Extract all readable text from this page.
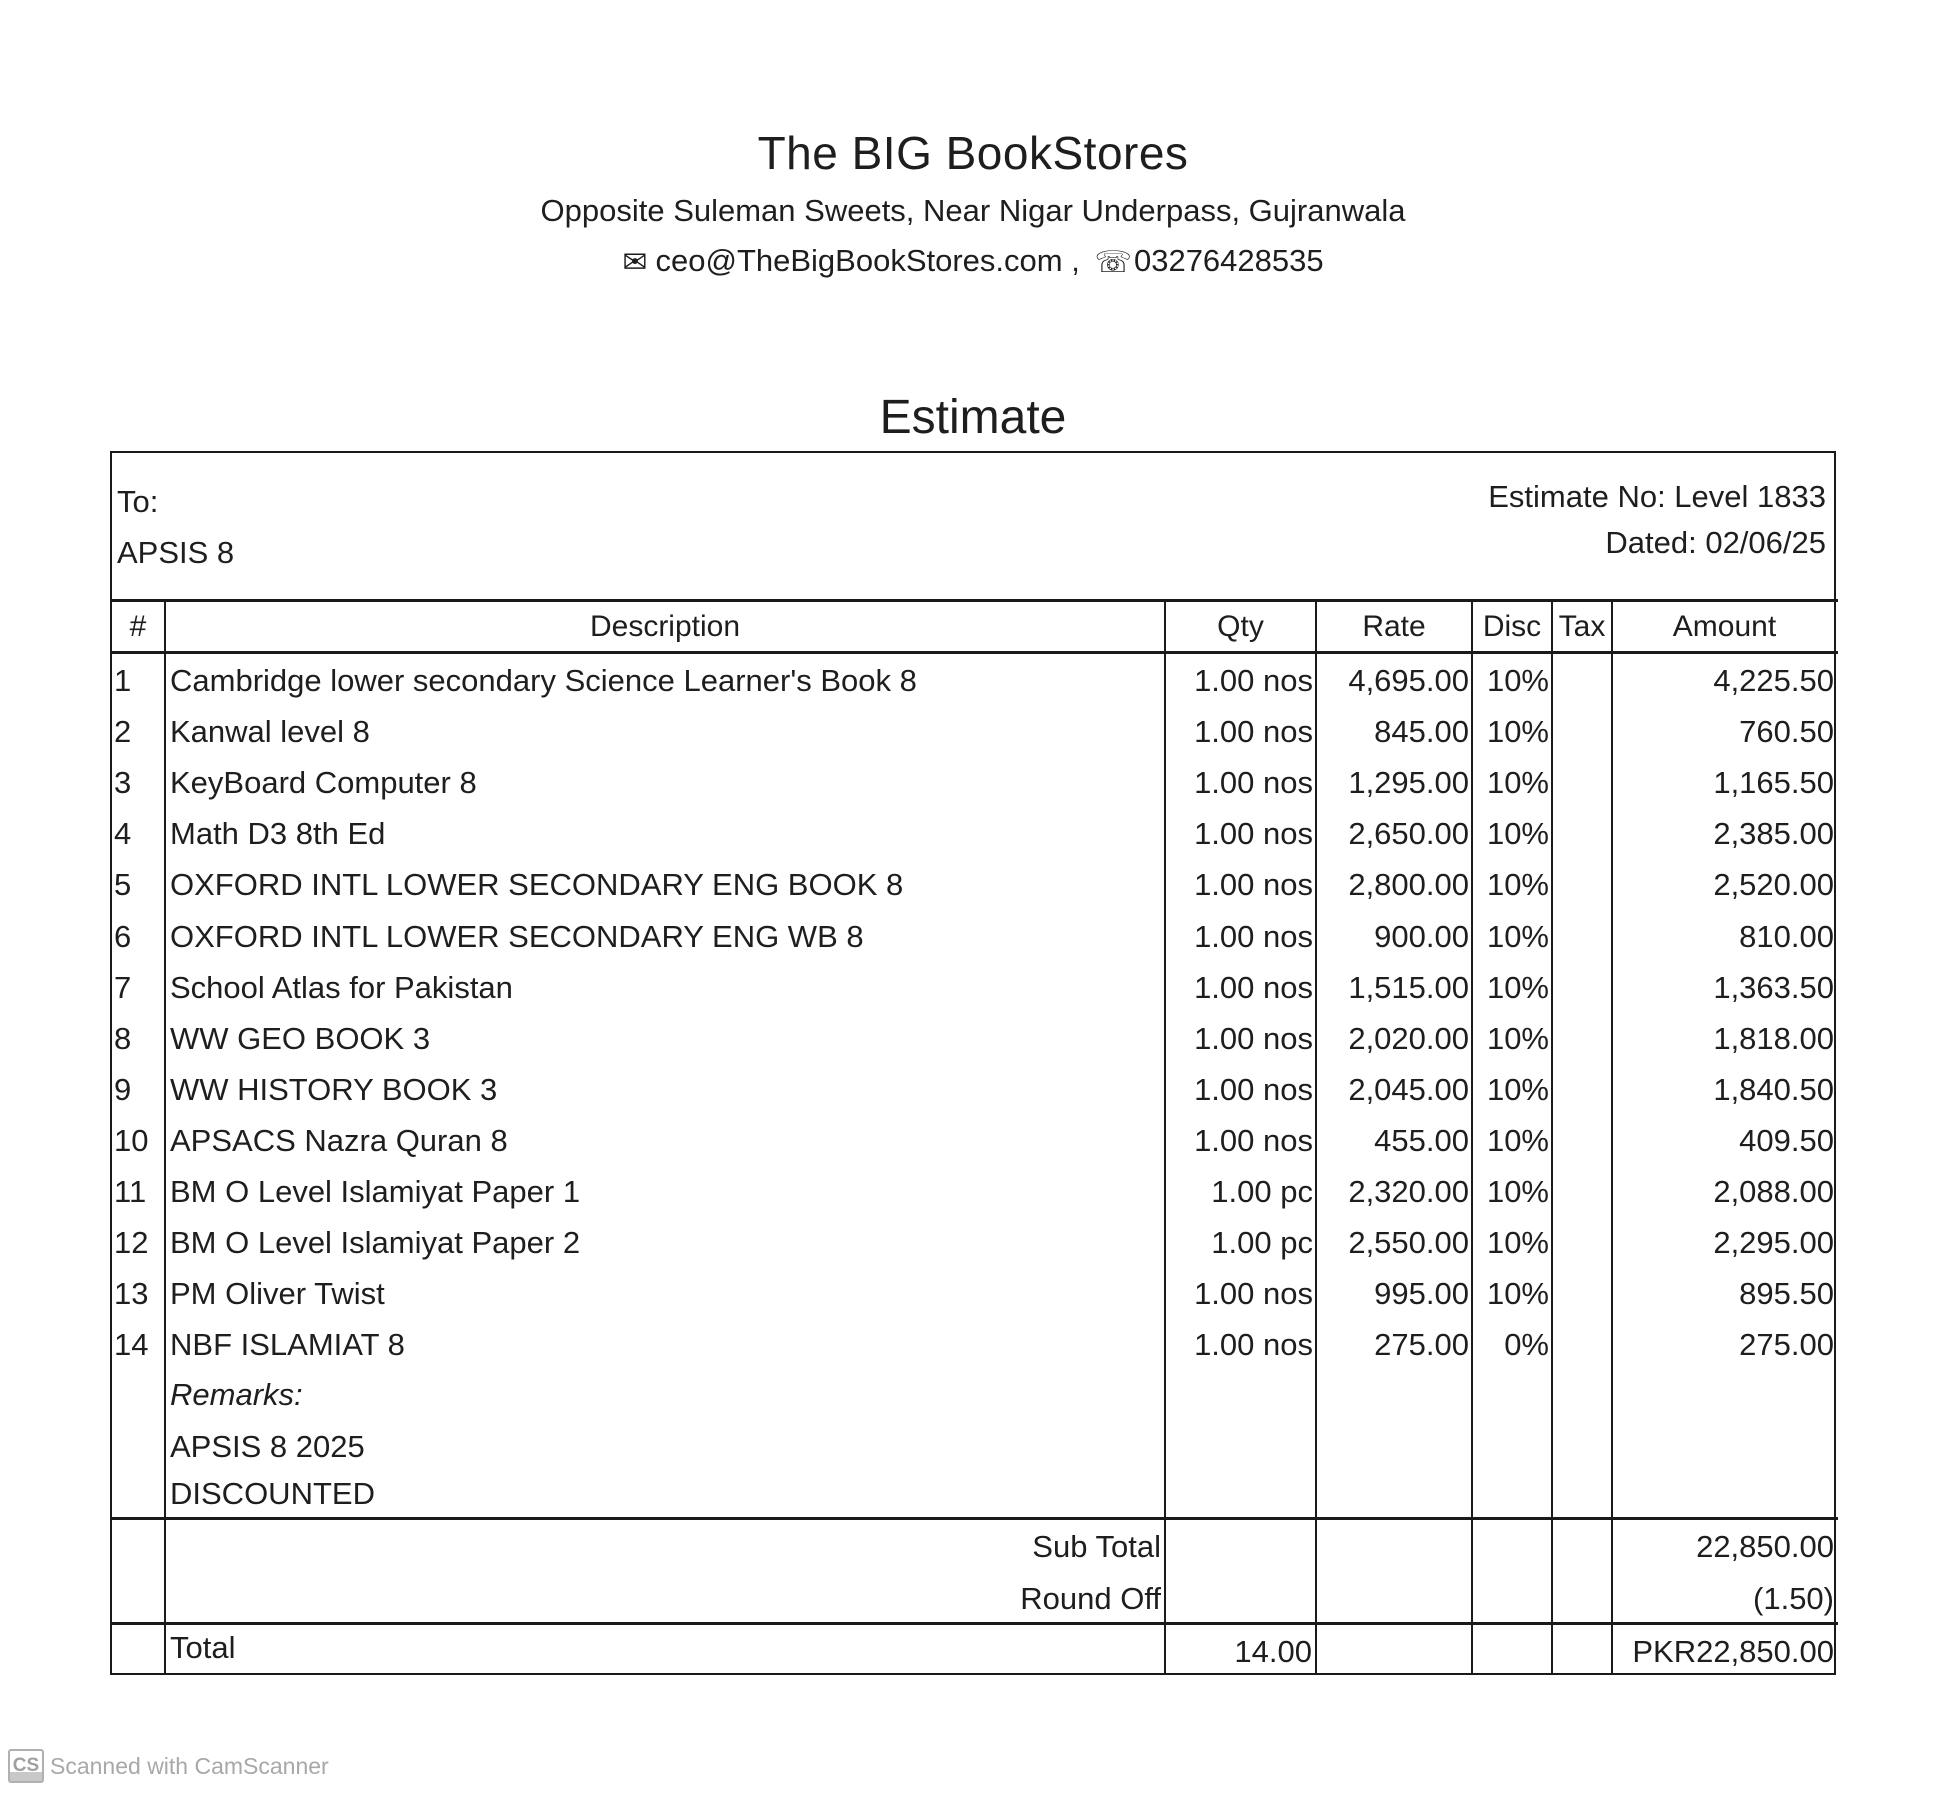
The BIG BookStores
Opposite Suleman Sweets, Near Nigar Underpass, Gujranwala
✉ ceo@TheBigBookStores.com , ☏03276428535
Estimate
To:
APSIS 8
Estimate No: Level 1833
Dated: 02/06/25
#	Description	Qty	Rate	Disc Tax	Amount
1 Cambridge lower secondary Science Learner's Book 8	1.00 nos 4,695.00 10%	4,225.50
2 Kanwal level 8	1.00 nos 845.00 10%	760.50
3 KeyBoard Computer 8	1.00 nos 1,295.00 10%	1,165.50
4 Math D3 8th Ed	1.00 nos 2,650.00 10%	2,385.00
5 OXFORD INTL LOWER SECONDARY ENG BOOK 8	1.00 nos 2,800.00 10%	2,520.00
6 OXFORD INTL LOWER SECONDARY ENG WB 8	1.00 nos 900.00 10%	810.00
7 School Atlas for Pakistan	1.00 nos 1,515.00 10%	1,363.50
8 WW GEO BOOK 3	1.00 nos 2,020.00 10%	1,818.00
9 WW HISTORY BOOK 3	1.00 nos 2,045.00 10%	1,840.50
10 APSACS Nazra Quran 8	1.00 nos 455.00 10%	409.50
11 BM O Level Islamiyat Paper 1	1.00 pc 2,320.00 10%	2,088.00
12 BM O Level Islamiyat Paper 2	1.00 pc 2,550.00 10%	2,295.00
13 PM Oliver Twist	1.00 nos 995.00 10%	895.50
14 NBF ISLAMIAT 8	1.00 nos 275.00 0%	275.00
Remarks:
APSIS 8 2025
DISCOUNTED
Sub Total	22,850.00
Round Off	(1.50)
Total	14.00	PKR22,850.00
CS Scanned with CamScanner
